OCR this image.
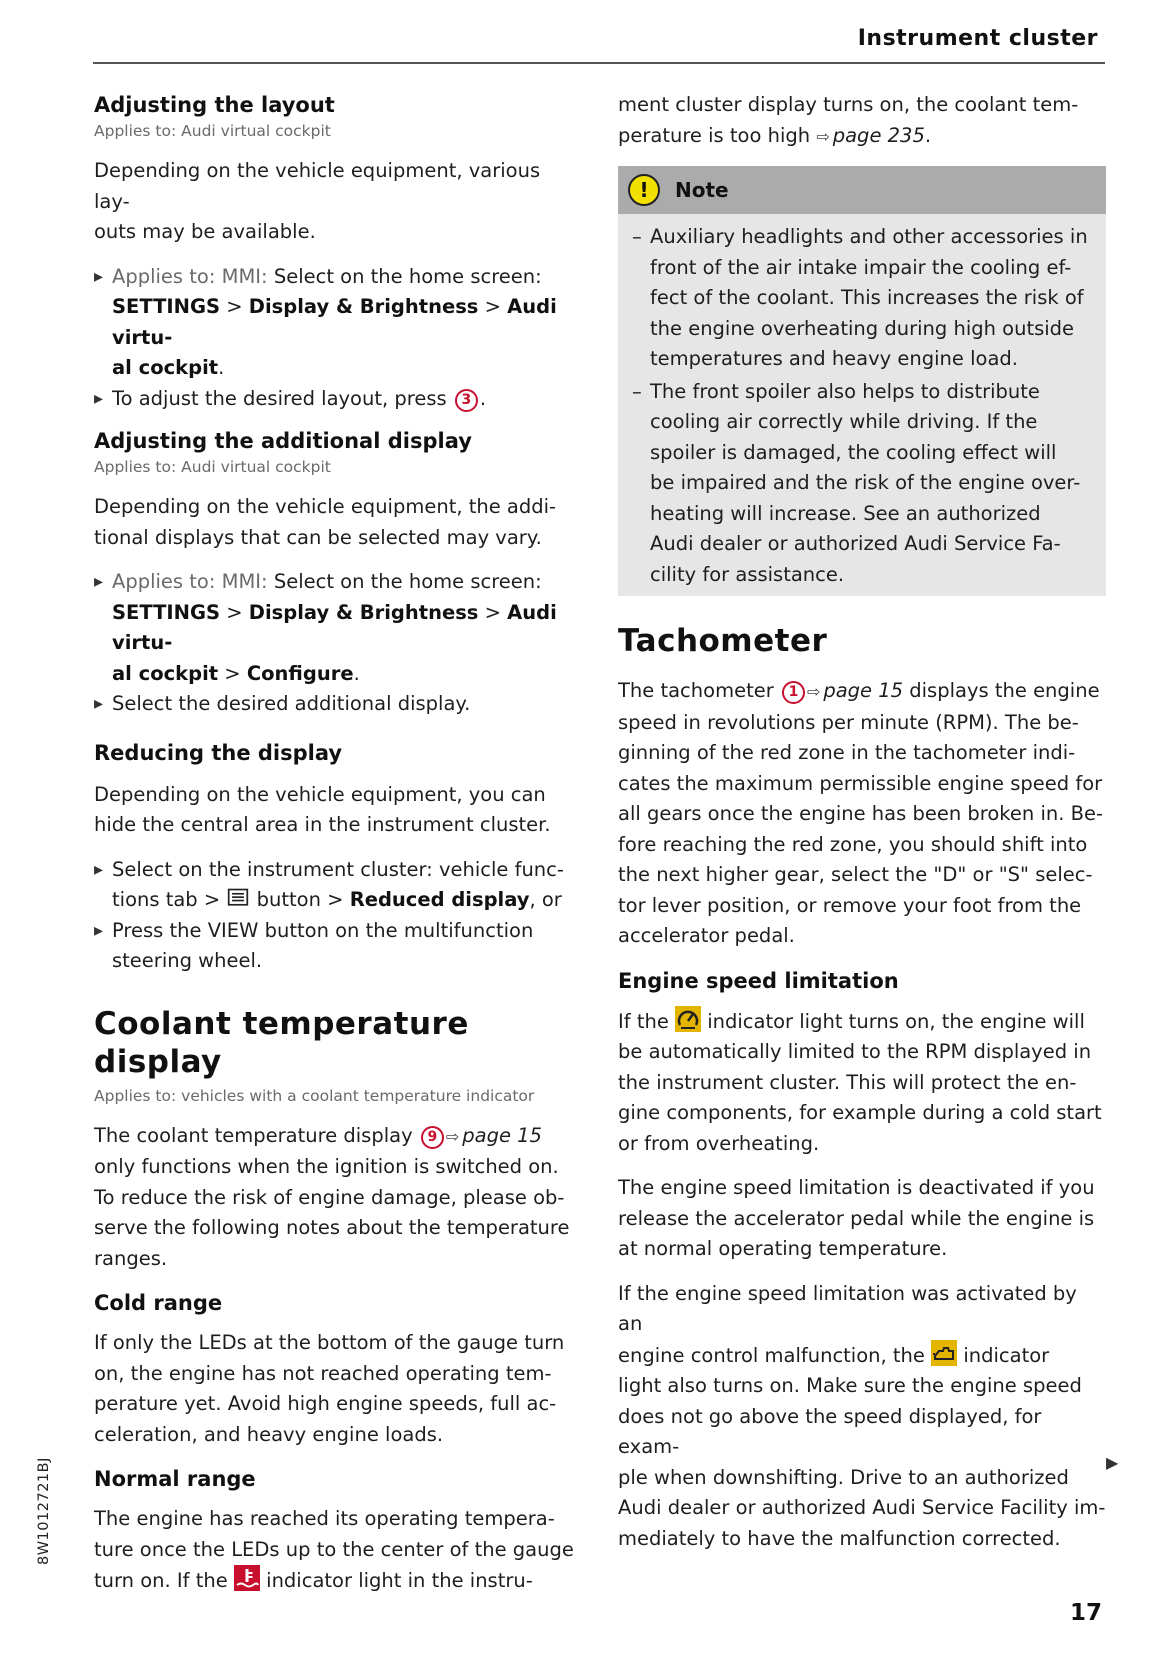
Instrument cluster
Adjusting the layout
Applies to: Audi virtual cockpit
Depending on the vehicle equipment, various lay-
outs may be available.
▸ Applies to: MMI: Select on the home screen:
SETTINGS > Display & Brightness > Audi virtu-
al cockpit.
▸ To adjust the desired layout, press 3 .
Adjusting the additional display
Applies to: Audi virtual cockpit
Depending on the vehicle equipment, the addi-
tional displays that can be selected may vary.
▸ Applies to: MMI: Select on the home screen:
SETTINGS > Display & Brightness > Audi virtu-
al cockpit > Configure.
▸ Select the desired additional display.
Reducing the display
Depending on the vehicle equipment, you can
hide the central area in the instrument cluster.
▸ Select on the instrument cluster: vehicle func-
tions tab > button > Reduced display, or
▸ Press the VIEW button on the multifunction
steering wheel.
Coolant temperature
display
Applies to: vehicles with a coolant temperature indicator
The coolant temperature display 9 ⇨ page 15
only functions when the ignition is switched on.
To reduce the risk of engine damage, please ob-
serve the following notes about the temperature
ranges.
Cold range
If only the LEDs at the bottom of the gauge turn
on, the engine has not reached operating tem-
perature yet. Avoid high engine speeds, full ac-
celeration, and heavy engine loads.
Normal range
The engine has reached its operating tempera-
ture once the LEDs up to the center of the gauge
turn on. If the indicator light in the instru-
ment cluster display turns on, the coolant tem-
perature is too high ⇨ page 235.
!	Note
– Auxiliary headlights and other accessories in
front of the air intake impair the cooling ef-
fect of the coolant. This increases the risk of
the engine overheating during high outside
temperatures and heavy engine load.
– The front spoiler also helps to distribute
cooling air correctly while driving. If the
spoiler is damaged, the cooling effect will
be impaired and the risk of the engine over-
heating will increase. See an authorized
Audi dealer or authorized Audi Service Fa-
cility for assistance.
Tachometer
The tachometer 1 ⇨ page 15 displays the engine
speed in revolutions per minute (RPM). The be-
ginning of the red zone in the tachometer indi-
cates the maximum permissible engine speed for
all gears once the engine has been broken in. Be-
fore reaching the red zone, you should shift into
the next higher gear, select the "D" or "S" selec-
tor lever position, or remove your foot from the
accelerator pedal.
Engine speed limitation
If the indicator light turns on, the engine will
be automatically limited to the RPM displayed in
the instrument cluster. This will protect the en-
gine components, for example during a cold start
or from overheating.
The engine speed limitation is deactivated if you
release the accelerator pedal while the engine is
at normal operating temperature.
If the engine speed limitation was activated by an
engine control malfunction, the indicator
light also turns on. Make sure the engine speed
does not go above the speed displayed, for exam-
ple when downshifting. Drive to an authorized
Audi dealer or authorized Audi Service Facility im-
mediately to have the malfunction corrected.
▶
8W1012721BJ
17
